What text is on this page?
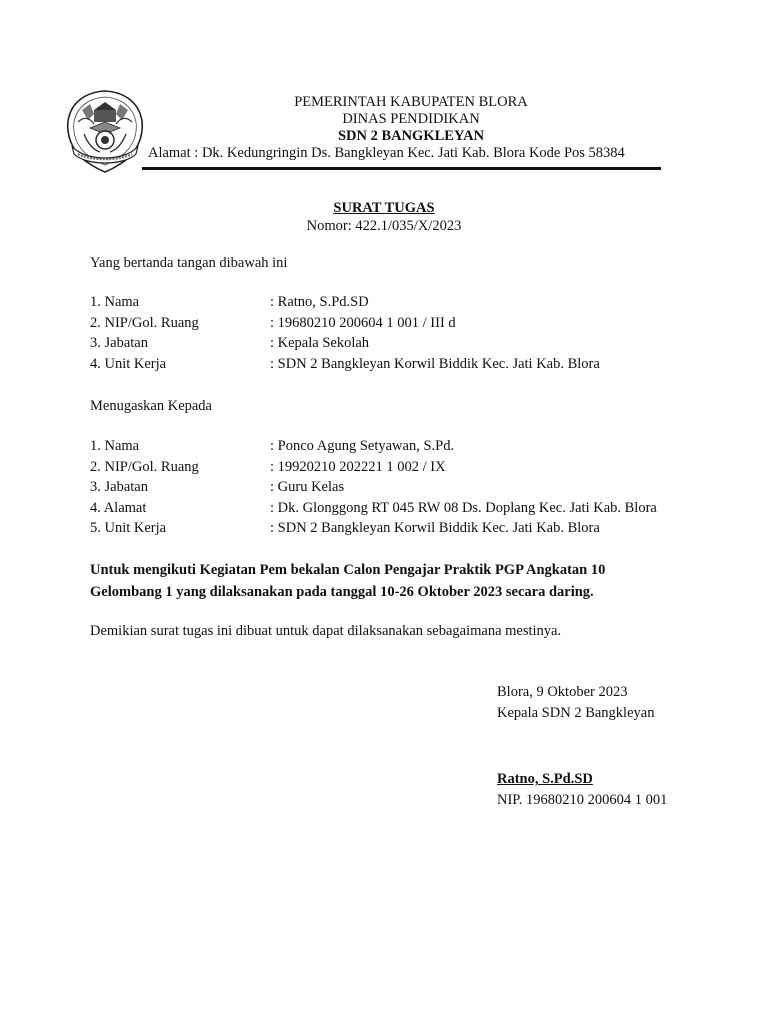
PEMERINTAH KABUPATEN BLORA
DINAS PENDIDIKAN
SDN 2 BANGKLEYAN
Alamat : Dk. Kedungringin Ds. Bangkleyan Kec. Jati Kab. Blora Kode Pos 58384
SURAT TUGAS
Nomor: 422.1/035/X/2023
Yang bertanda tangan dibawah ini
1. Nama	: Ratno, S.Pd.SD
2. NIP/Gol. Ruang	: 19680210 200604 1 001 / III d
3. Jabatan	: Kepala Sekolah
4. Unit Kerja	: SDN 2 Bangkleyan Korwil Biddik Kec. Jati Kab. Blora
Menugaskan Kepada
1. Nama	: Ponco Agung Setyawan, S.Pd.
2. NIP/Gol. Ruang	: 19920210 202221 1 002 / IX
3. Jabatan	: Guru Kelas
4. Alamat	: Dk. Glonggong RT 045 RW 08 Ds. Doplang Kec. Jati Kab. Blora
5. Unit Kerja	: SDN 2 Bangkleyan Korwil Biddik Kec. Jati Kab. Blora
Untuk mengikuti Kegiatan Pem bekalan Calon Pengajar Praktik PGP Angkatan 10
Gelombang 1 yang dilaksanakan pada tanggal 10-26 Oktober 2023 secara daring.
Demikian surat tugas ini dibuat untuk dapat dilaksanakan sebagaimana mestinya.
Blora, 9 Oktober 2023
Kepala SDN 2 Bangkleyan
Ratno, S.Pd.SD
NIP. 19680210 200604 1 001
